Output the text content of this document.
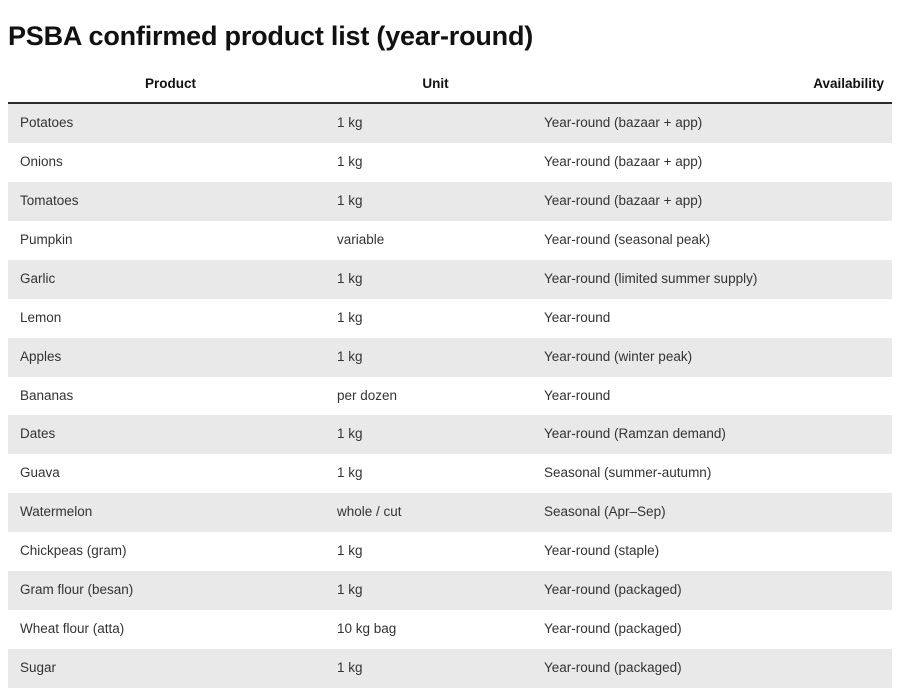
PSBA confirmed product list (year-round)
Product	Unit	Availability
Potatoes	1 kg	Year-round (bazaar + app)
Onions	1 kg	Year-round (bazaar + app)
Tomatoes	1 kg	Year-round (bazaar + app)
Pumpkin	variable	Year-round (seasonal peak)
Garlic	1 kg	Year-round (limited summer supply)
Lemon	1 kg	Year-round
Apples	1 kg	Year-round (winter peak)
Bananas	per dozen	Year-round
Dates	1 kg	Year-round (Ramzan demand)
Guava	1 kg	Seasonal (summer-autumn)
Watermelon	whole / cut	Seasonal (Apr–Sep)
Chickpeas (gram)	1 kg	Year-round (staple)
Gram flour (besan)	1 kg	Year-round (packaged)
Wheat flour (atta)	10 kg bag	Year-round (packaged)
Sugar	1 kg	Year-round (packaged)
